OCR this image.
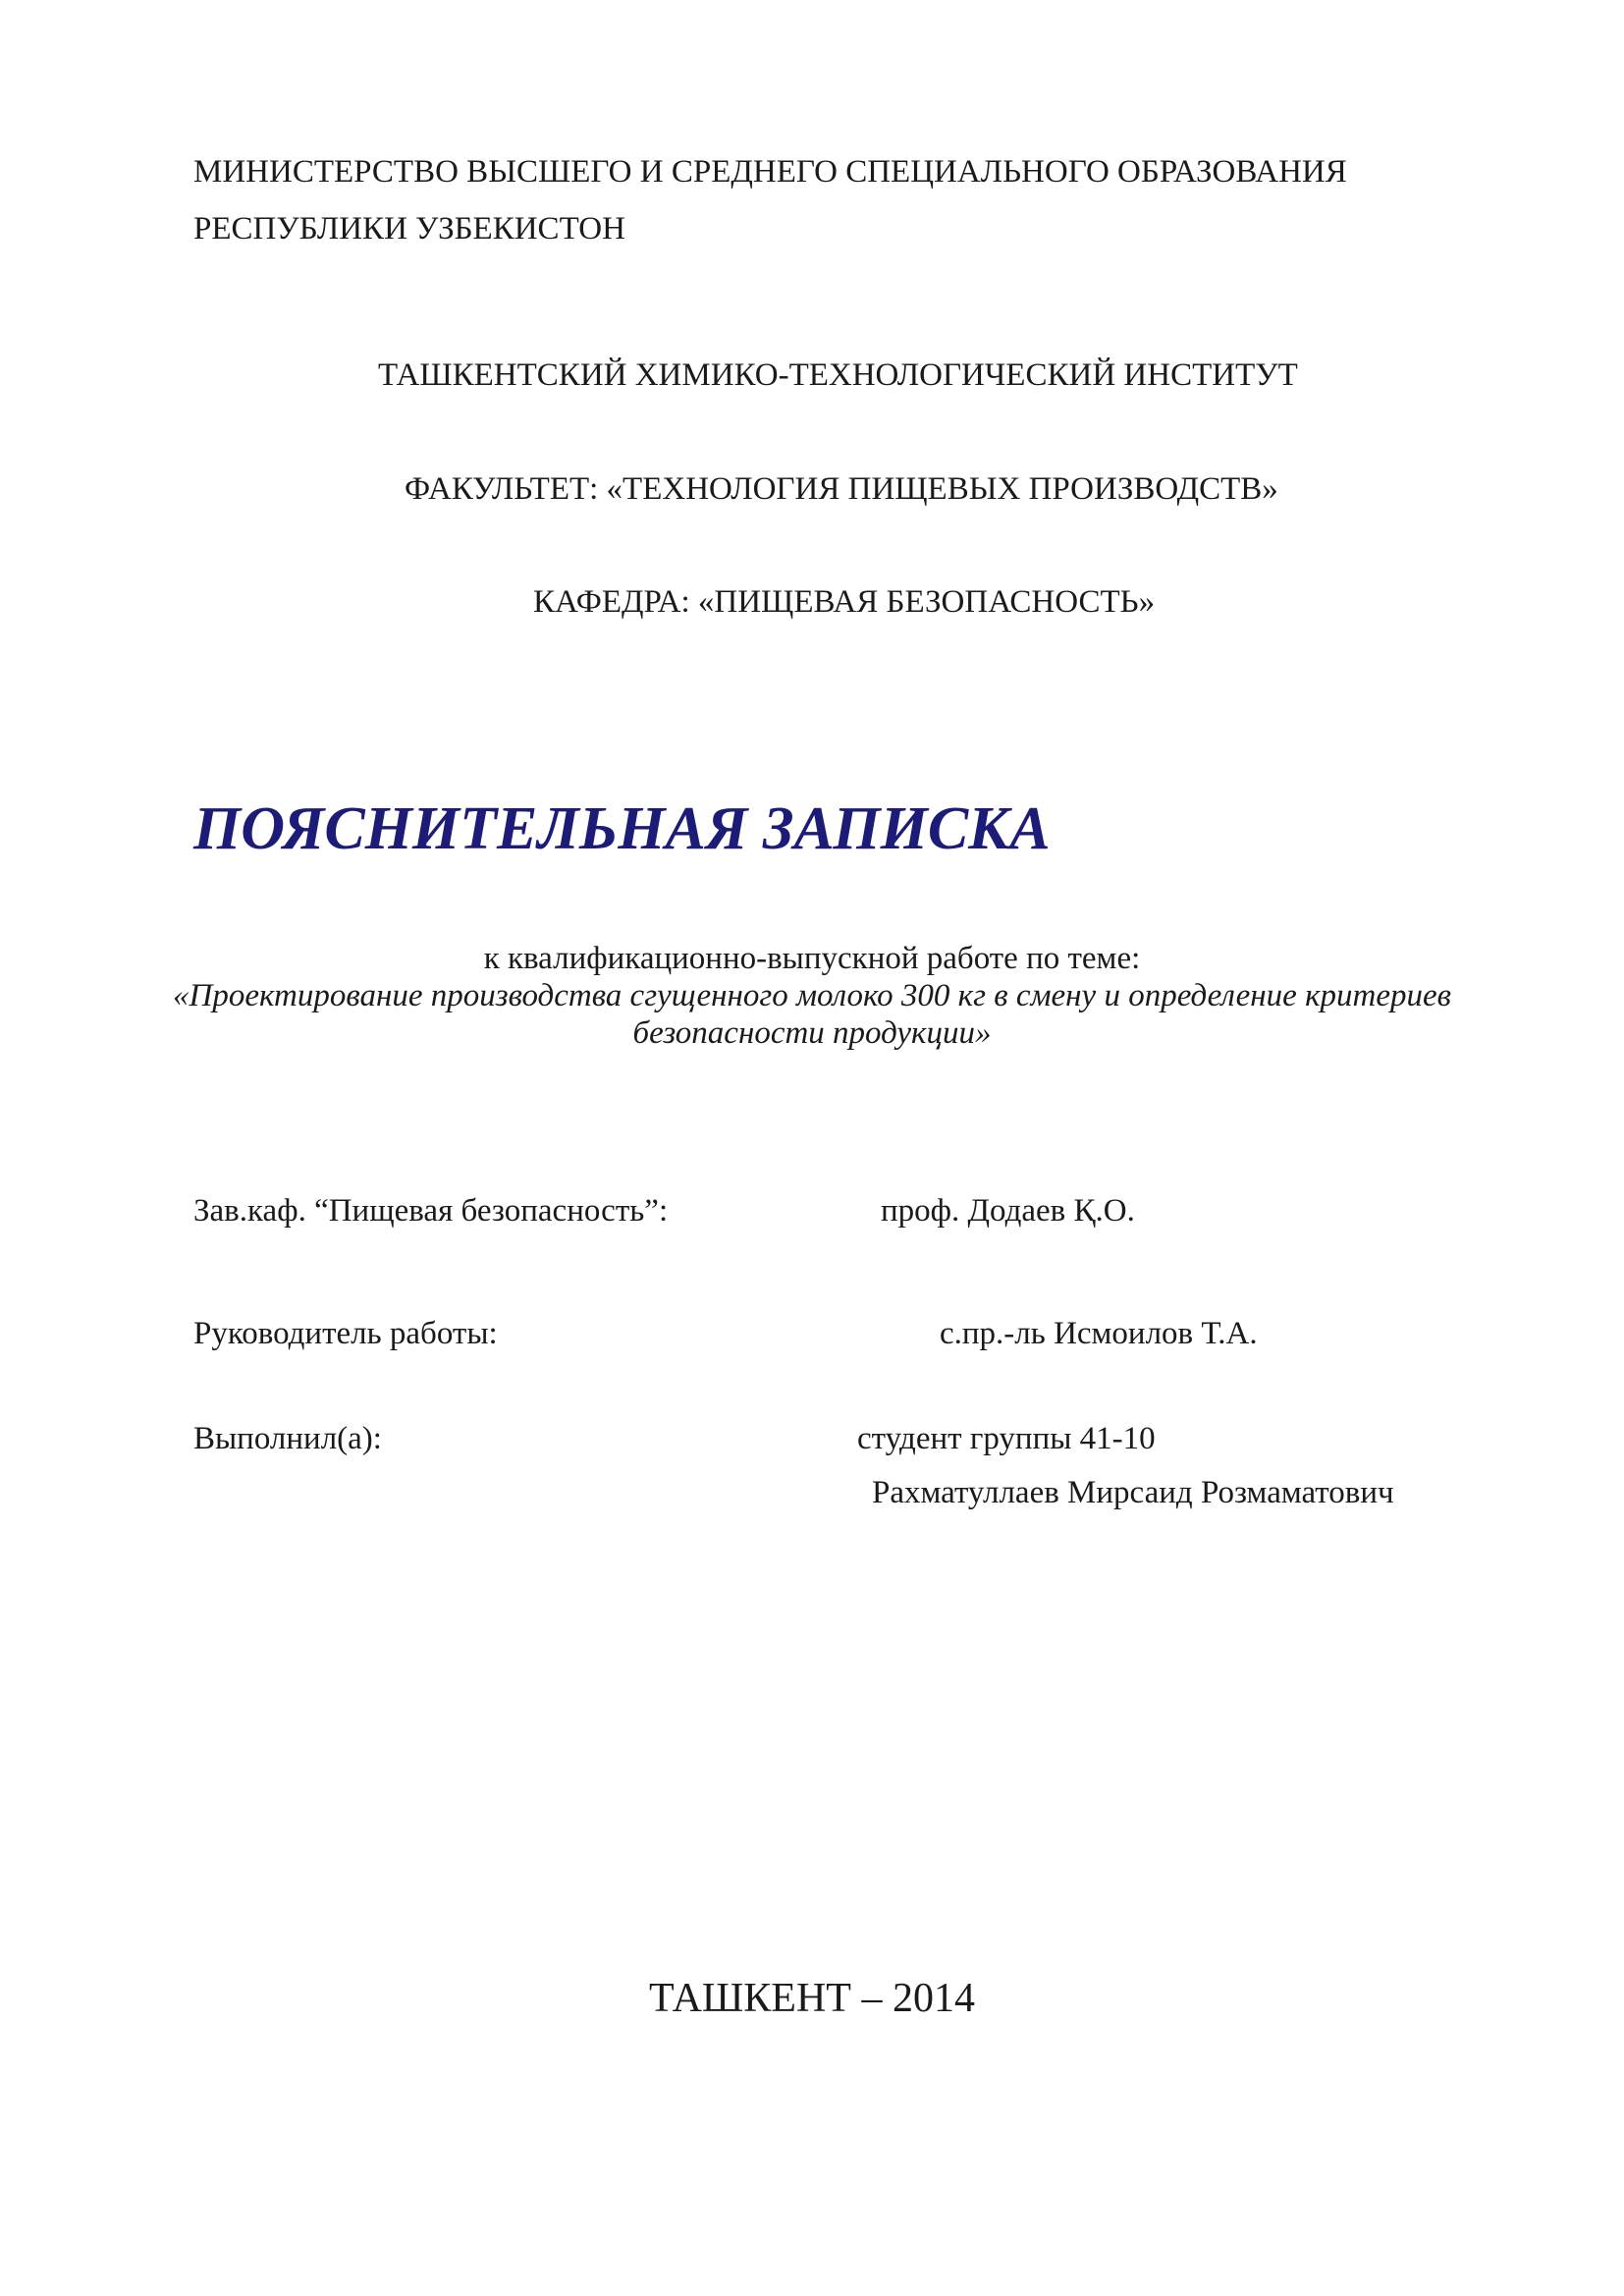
МИНИСТЕРСТВО ВЫСШЕГО И СРЕДНЕГО СПЕЦИАЛЬНОГО ОБРАЗОВАНИЯ
РЕСПУБЛИКИ УЗБЕКИСТОН
ТАШКЕНТСКИЙ ХИМИКО-ТЕХНОЛОГИЧЕСКИЙ ИНСТИТУТ
ФАКУЛЬТЕТ: «ТЕХНОЛОГИЯ ПИЩЕВЫХ ПРОИЗВОДСТВ»
КАФЕДРА: «ПИЩЕВАЯ БЕЗОПАСНОСТЬ»
ПОЯСНИТЕЛЬНАЯ ЗАПИСКА
к квалификационно-выпускной работе по теме:
«Проектирование производства сгущенного молоко 300 кг в смену и определение критериев
безопасности продукции»
Зав.каф. “Пищевая безопасность”:	проф. Додаев Қ.О.
Руководитель работы:	с.пр.-ль Исмоилов Т.А.
Выполнил(а):	студент группы 41-10
Рахматуллаев Мирсаид Розмаматович
ТАШКЕНТ – 2014
